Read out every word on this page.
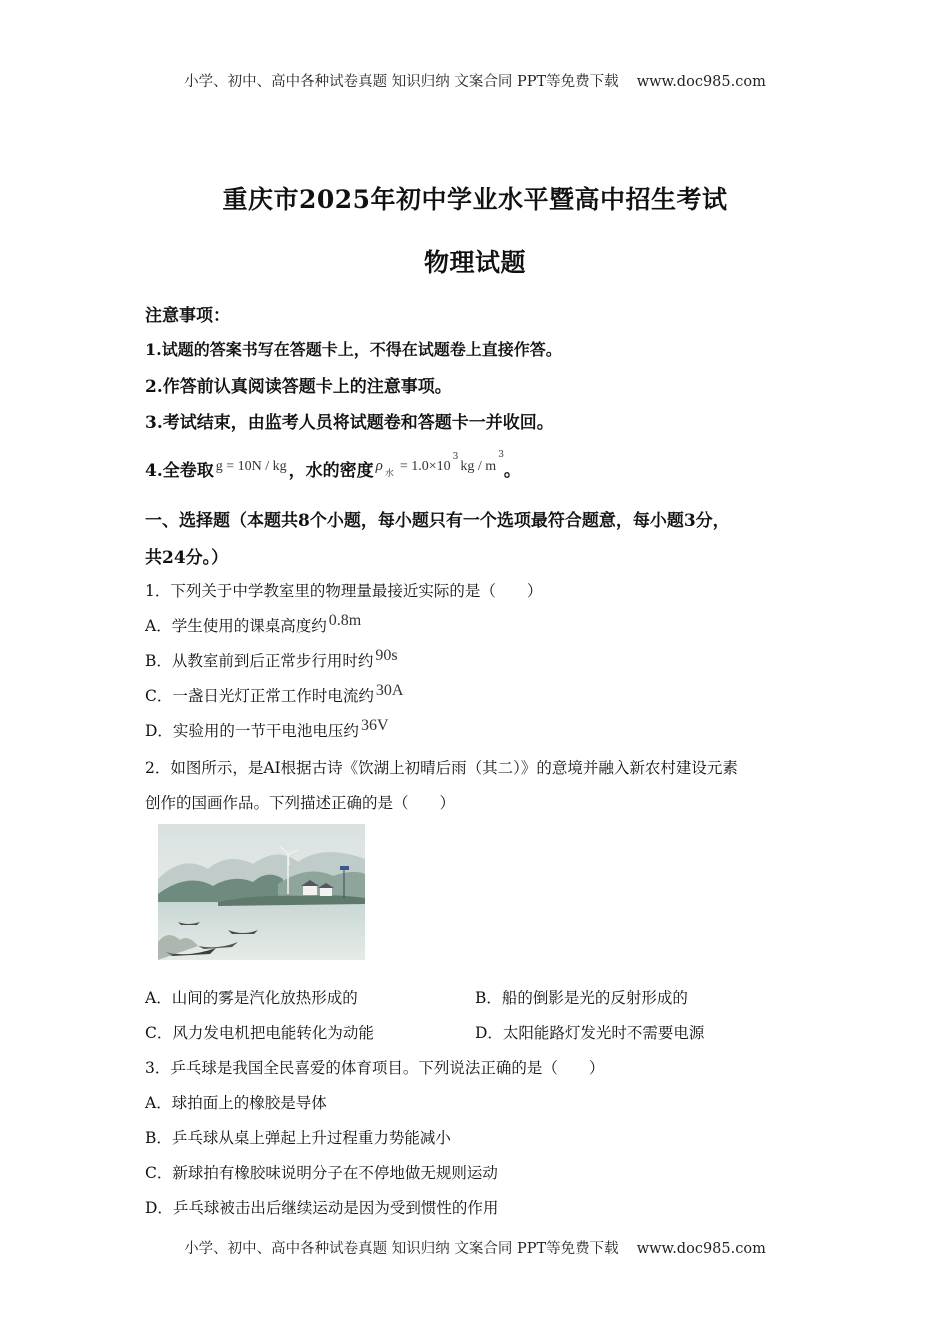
小学、初中、高中各种试卷真题 知识归纳 文案合同 PPT等免费下载 www.doc985.com
重庆市2025年初中学业水平暨高中招生考试
物理试题
注意事项：
1.试题的答案书写在答题卡上，不得在试题卷上直接作答。
2.作答前认真阅读答题卡上的注意事项。
3.考试结束，由监考人员将试题卷和答题卡一并收回。
4.全卷取 $^{g = 10N / kg}$ ，水的密度 $\rho_水^{= 1.0\times 103kg / m3}$。
一、选择题（本题共8个小题，每小题只有一个选项最符合题意，每小题3分，
共24分。）
1．下列关于中学教室里的物理量最接近实际的是（　　）
A．学生使用的课桌高度约 0.8m
B．从教室前到后正常步行用时约 90s
C．一盏日光灯正常工作时电流约 30A
D．实验用的一节干电池电压约 36V
2．如图所示，是AI根据古诗《饮湖上初晴后雨（其二）》的意境并融入新农村建设元素
创作的国画作品。下列描述正确的是（　　）
A．山间的雾是汽化放热形成的	B．船的倒影是光的反射形成的
C．风力发电机把电能转化为动能	D．太阳能路灯发光时不需要电源
3．乒乓球是我国全民喜爱的体育项目。下列说法正确的是（　　）
A．球拍面上的橡胶是导体
B．乒乓球从桌上弹起上升过程重力势能减小
C．新球拍有橡胶味说明分子在不停地做无规则运动
D．乒乓球被击出后继续运动是因为受到惯性的作用
小学、初中、高中各种试卷真题 知识归纳 文案合同 PPT等免费下载 www.doc985.com
